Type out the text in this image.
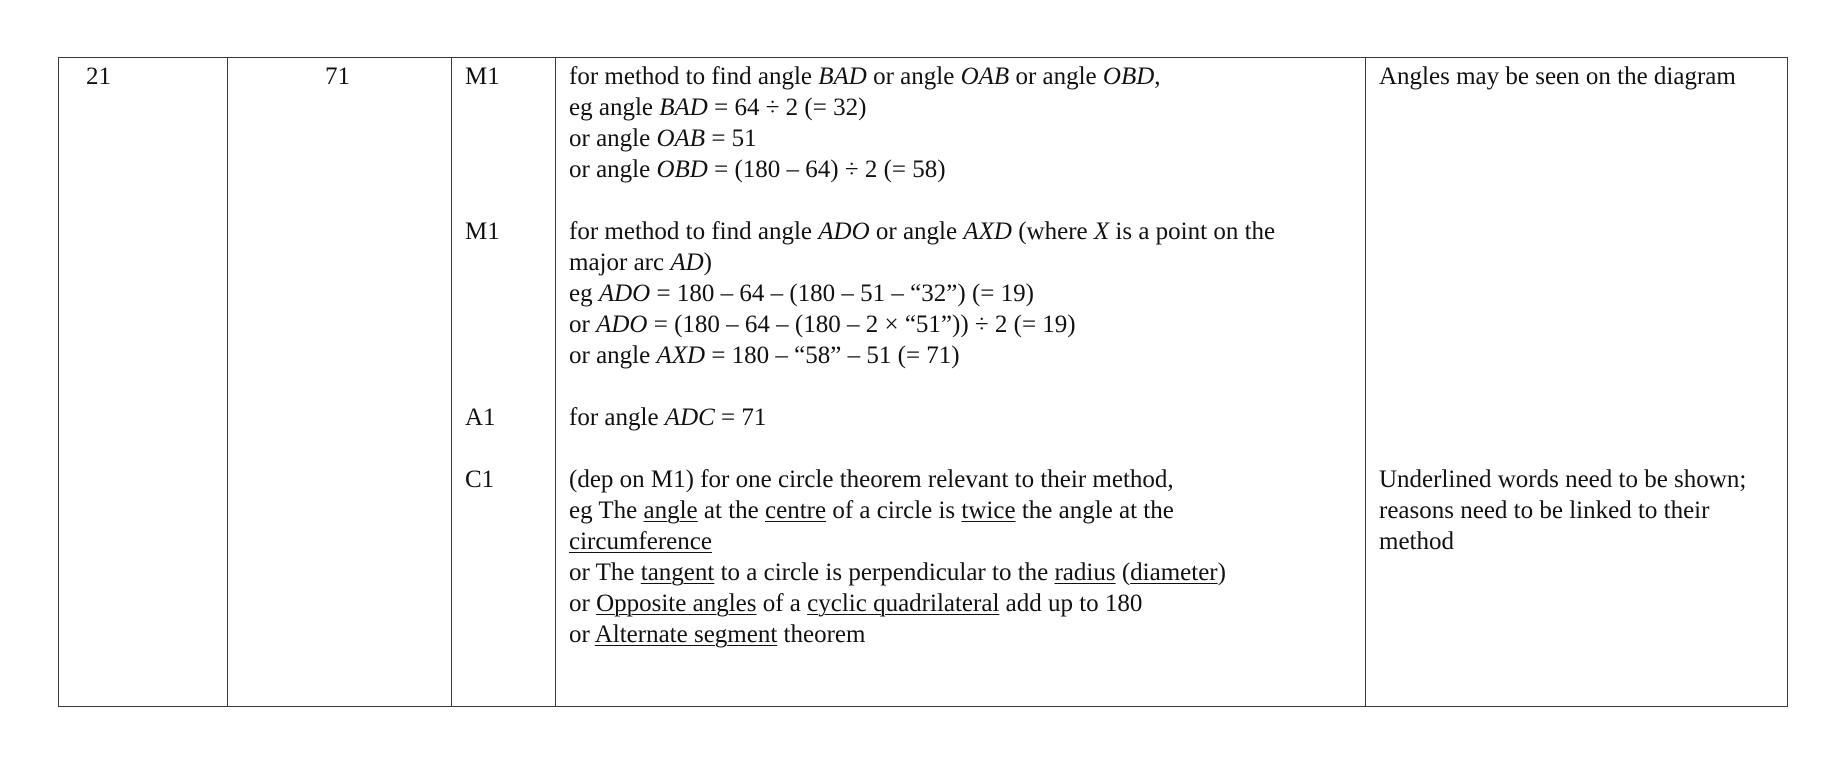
21	71	M1
M1
A1
C1
for method to find angle BAD or angle OAB or angle OBD,
eg angle BAD = 64 ÷ 2 (= 32)
or angle OAB = 51
or angle OBD = (180 – 64) ÷ 2 (= 58)
for method to find angle ADO or angle AXD (where X is a point on the
major arc AD)
eg ADO = 180 – 64 – (180 – 51 – “32”) (= 19)
or ADO = (180 – 64 – (180 – 2 × “51”)) ÷ 2 (= 19)
or angle AXD = 180 – “58” – 51 (= 71)
for angle ADC = 71
(dep on M1) for one circle theorem relevant to their method,
eg The angle at the centre of a circle is twice the angle at the
circumference
or The tangent to a circle is perpendicular to the radius (diameter)
or Opposite angles of a cyclic quadrilateral add up to 180
or Alternate segment theorem
Angles may be seen on the diagram
Underlined words need to be shown;
reasons need to be linked to their
method
